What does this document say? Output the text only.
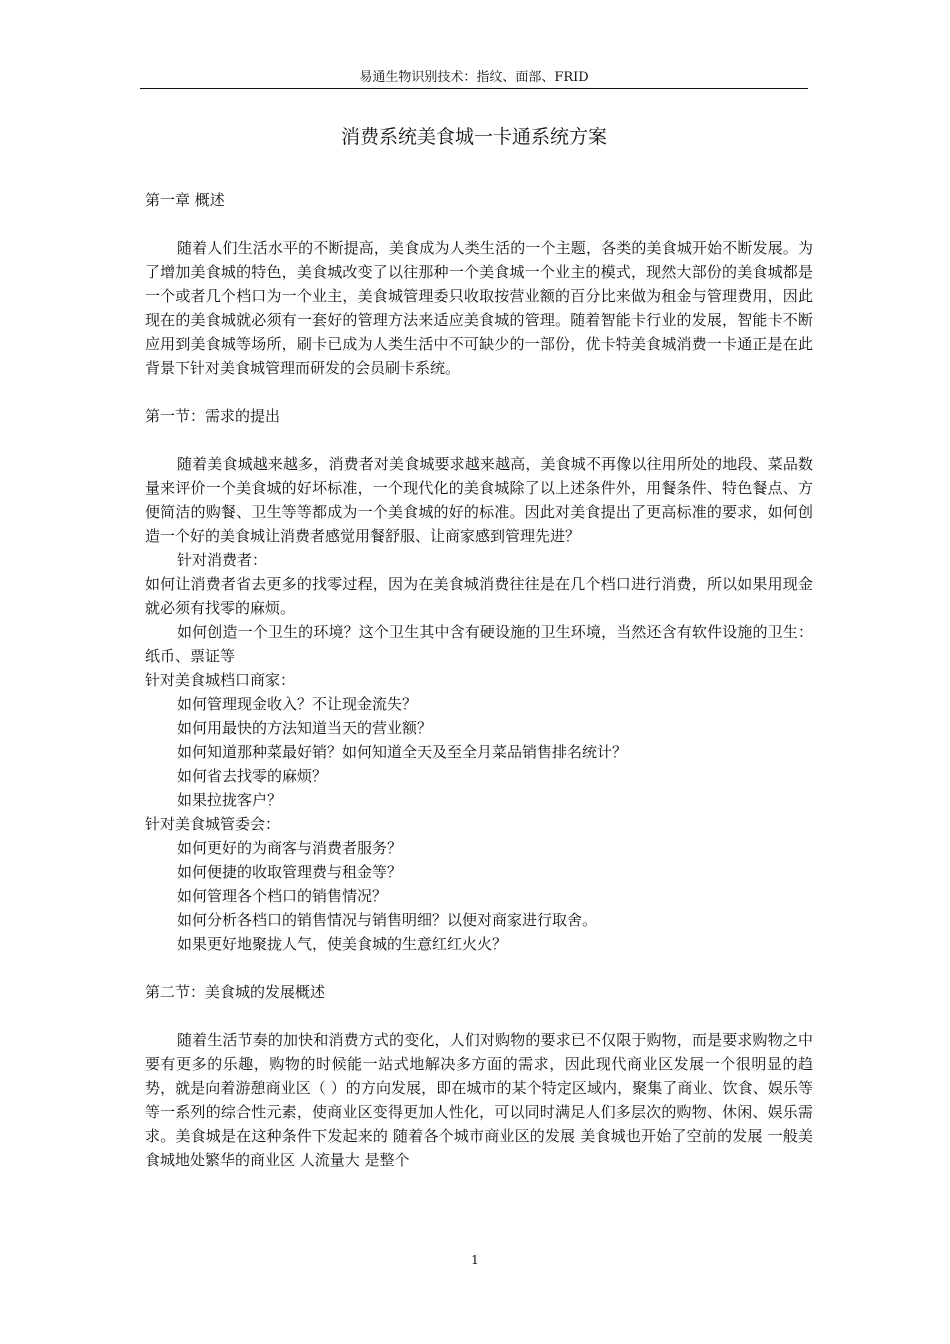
易通生物识别技术：指纹、面部、FRID
消费系统美食城一卡通系统方案

第一章 概述

随着人们生活水平的不断提高，美食成为人类生活的一个主题，各类的美食城开始不断发展。为了增加美食城的特色，美食城改变了以往那种一个美食城一个业主的模式，现然大部份的美食城都是一个或者几个档口为一个业主，美食城管理委只收取按营业额的百分比来做为租金与管理费用，因此现在的美食城就必须有一套好的管理方法来适应美食城的管理。随着智能卡行业的发展，智能卡不断应用到美食城等场所，刷卡已成为人类生活中不可缺少的一部份，优卡特美食城消费一卡通正是在此背景下针对美食城管理而研发的会员刷卡系统。

第一节：需求的提出

随着美食城越来越多，消费者对美食城要求越来越高，美食城不再像以往用所处的地段、菜品数量来评价一个美食城的好坏标准，一个现代化的美食城除了以上述条件外，用餐条件、特色餐点、方便简洁的购餐、卫生等等都成为一个美食城的好的标准。因此对美食提出了更高标准的要求，如何创造一个好的美食城让消费者感觉用餐舒服、让商家感到管理先进？

针对消费者：

如何让消费者省去更多的找零过程，因为在美食城消费往往是在几个档口进行消费，所以如果用现金就必须有找零的麻烦。

如何创造一个卫生的环境？这个卫生其中含有硬设施的卫生环境，当然还含有软件设施的卫生：纸币、票证等

针对美食城档口商家：

如何管理现金收入？不让现金流失？

如何用最快的方法知道当天的营业额？

如何知道那种菜最好销？如何知道全天及至全月菜品销售排名统计？

如何省去找零的麻烦？

如果拉拢客户？

针对美食城管委会：

如何更好的为商客与消费者服务？

如何便捷的收取管理费与租金等？

如何管理各个档口的销售情况？

如何分析各档口的销售情况与销售明细？以便对商家进行取舍。

如果更好地聚拢人气，使美食城的生意红红火火？

第二节：美食城的发展概述

随着生活节奏的加快和消费方式的变化，人们对购物的要求已不仅限于购物，而是要求购物之中要有更多的乐趣，购物的时候能一站式地解决多方面的需求，因此现代商业区发展一个很明显的趋势，就是向着游憩商业区（ ）的方向发展，即在城市的某个特定区域内，聚集了商业、饮食、娱乐等等一系列的综合性元素，使商业区变得更加人性化，可以同时满足人们多层次的购物、休闲、娱乐需求。美食城是在这种条件下发起来的 随着各个城市商业区的发展 美食城也开始了空前的发展 一般美食城地处繁华的商业区 人流量大 是整个

1
